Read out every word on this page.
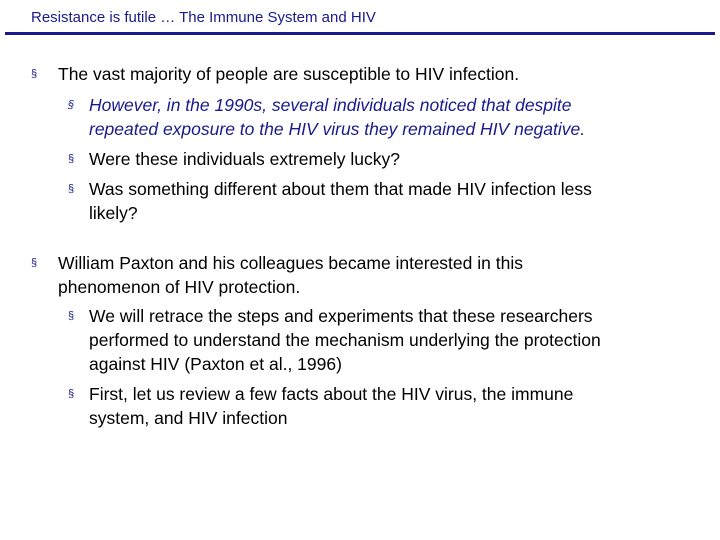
Resistance is futile … The Immune System and HIV
§ The vast majority of people are susceptible to HIV infection.
§ However, in the 1990s, several individuals noticed that despite
repeated exposure to the HIV virus they remained HIV negative.
§ Were these individuals extremely lucky?
§ Was something different about them that made HIV infection less
likely?
§ William Paxton and his colleagues became interested in this
phenomenon of HIV protection.
§ We will retrace the steps and experiments that these researchers
performed to understand the mechanism underlying the protection
against HIV (Paxton et al., 1996)
§ First, let us review a few facts about the HIV virus, the immune
system, and HIV infection
